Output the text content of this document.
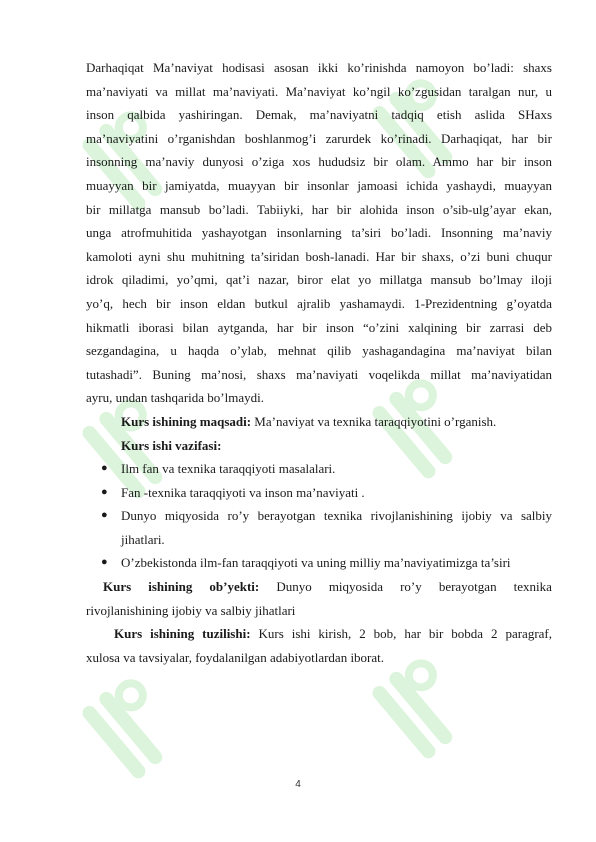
Darhaqiqat Ma’naviyat hodisasi asosan ikki ko’rinishda namoyon bo’ladi: shaxs
ma’naviyati va millat ma’naviyati. Ma’naviyat ko’ngil ko’zgusidan taralgan nur, u
inson qalbida yashiringan. Demak, ma’naviyatni tadqiq etish aslida SHaxs
ma’naviyatini o’rganishdan boshlanmog’i zarurdek ko’rinadi. Darhaqiqat, har bir
insonning ma’naviy dunyosi o’ziga xos hududsiz bir olam. Ammo har bir inson
muayyan bir jamiyatda, muayyan bir insonlar jamoasi ichida yashaydi, muayyan
bir millatga mansub bo’ladi. Tabiiyki, har bir alohida inson o’sib-ulg’ayar ekan,
unga atrofmuhitida yashayotgan insonlarning ta’siri bo’ladi. Insonning ma’naviy
kamoloti ayni shu muhitning ta’siridan bosh-lanadi. Har bir shaxs, o’zi buni chuqur
idrok qiladimi, yo’qmi, qat’i nazar, biror elat yo millatga mansub bo’lmay iloji
yo’q, hech bir inson eldan butkul ajralib yashamaydi. 1-Prezidentning g’oyatda
hikmatli iborasi bilan aytganda, har bir inson “o’zini xalqining bir zarrasi deb
sezgandagina, u haqda o’ylab, mehnat qilib yashagandagina ma’naviyat bilan
tutashadi”. Buning ma’nosi, shaxs ma’naviyati voqelikda millat ma’naviyatidan
ayru, undan tashqarida bo’lmaydi.

Kurs ishining maqsadi: Ma’naviyat va texnika taraqqiyotini o’rganish.

Kurs ishi vazifasi:

● Ilm fan va texnika taraqqiyoti masalalari.
● Fan -texnika taraqqiyoti va inson ma’naviyati .
● Dunyo miqyosida ro’y berayotgan texnika rivojlanishining ijobiy va salbiy jihatlari.
● O’zbekistonda ilm-fan taraqqiyoti va uning milliy ma’naviyatimizga ta’siri
Kurs ishining ob’yekti: Dunyo miqyosida ro’y berayotgan texnika

rivojlanishining ijobiy va salbiy jihatlari

Kurs ishining tuzilishi: Kurs ishi kirish, 2 bob, har bir bobda 2 paragraf,

xulosa va tavsiyalar, foydalanilgan adabiyotlardan iborat.

4
